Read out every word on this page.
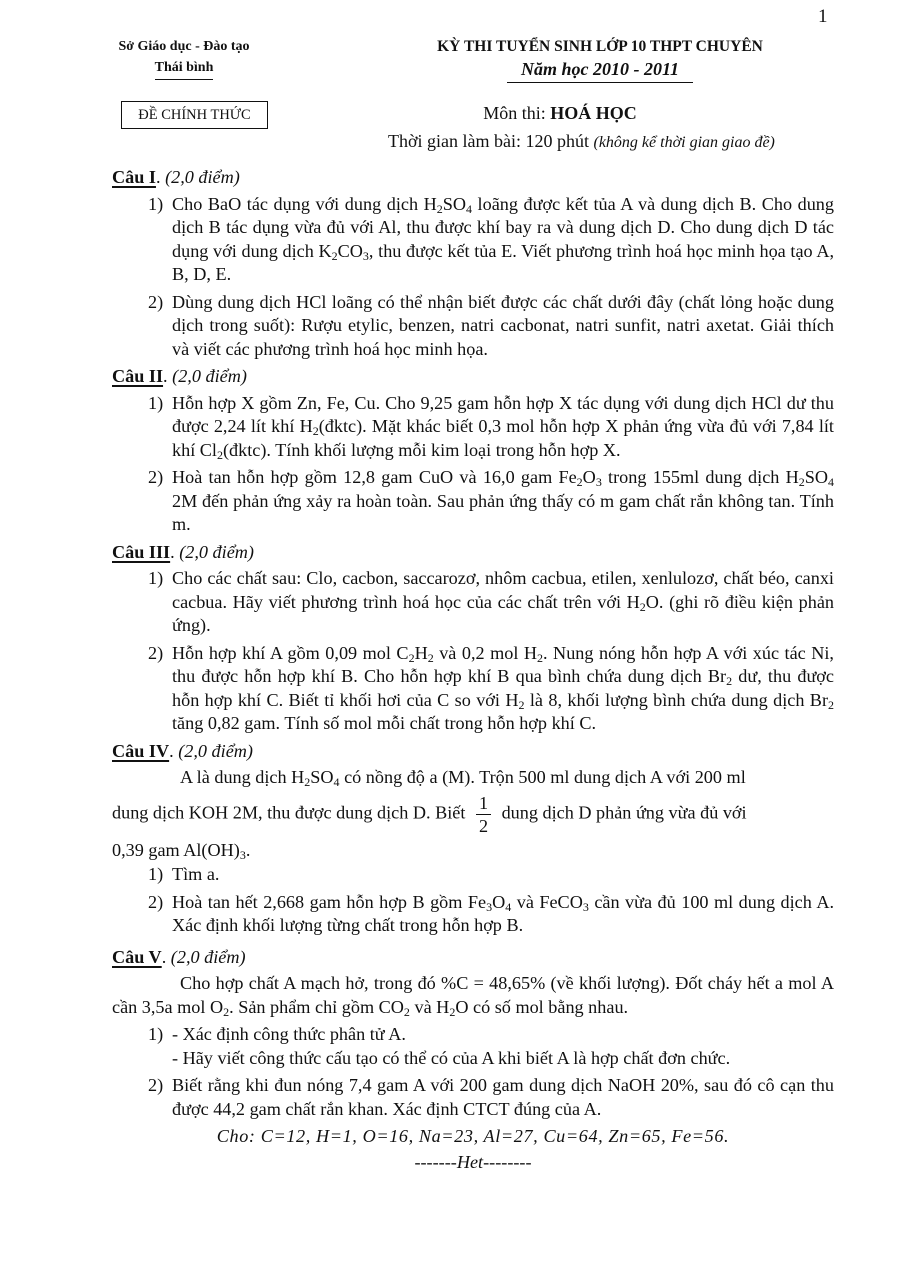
1
Sở Giáo dục - Đào tạo
Thái bình
KỲ THI TUYỂN SINH LỚP 10 THPT CHUYÊN
Năm học 2010 - 2011
ĐỀ CHÍNH THỨC	Môn thi: HOÁ HỌC
Thời gian làm bài: 120 phút (không kể thời gian giao đề)
Câu I. (2,0 điểm)
1) Cho BaO tác dụng với dung dịch $H_2SO_4$ loãng được kết tủa A và dung dịch B. Cho dung dịch B tác dụng vừa đủ với Al, thu được khí bay ra và dung dịch D. Cho dung dịch D tác dụng với dung dịch $K_2CO_3$, thu được kết tủa E. Viết phương trình hoá học minh họa tạo A, B, D, E.
2) Dùng dung dịch HCl loãng có thể nhận biết được các chất dưới đây (chất lỏng hoặc dung dịch trong suốt): Rượu etylic, benzen, natri cacbonat, natri sunfit, natri axetat. Giải thích và viết các phương trình hoá học minh họa.
Câu II. (2,0 điểm)
1) Hỗn hợp X gồm Zn, Fe, Cu. Cho 9,25 gam hỗn hợp X tác dụng với dung dịch HCl dư thu được 2,24 lít khí $H_2(đktc)$. Mặt khác biết 0,3 mol hỗn hợp X phản ứng vừa đủ với 7,84 lít khí $Cl_2(đktc)$. Tính khối lượng mỗi kim loại trong hỗn hợp X.
2) Hoà tan hỗn hợp gồm 12,8 gam CuO và 16,0 gam $Fe_2O_3$ trong 155ml dung dịch $H_2SO_4$ 2M đến phản ứng xảy ra hoàn toàn. Sau phản ứng thấy có m gam chất rắn không tan. Tính m.
Câu III. (2,0 điểm)
1) Cho các chất sau: Clo, cacbon, saccarozơ, nhôm cacbua, etilen, xenlulozơ, chất béo, canxi cacbua. Hãy viết phương trình hoá học của các chất trên với $H_2O$. (ghi rõ điều kiện phản ứng).
2) Hỗn hợp khí A gồm 0,09 mol $C_2H_2$ và 0,2 mol $H_2$. Nung nóng hỗn hợp A với xúc tác Ni, thu được hỗn hợp khí B. Cho hỗn hợp khí B qua bình chứa dung dịch $Br_2$ dư, thu được hỗn hợp khí C. Biết tỉ khối hơi của C so với $H_2$ là 8, khối lượng bình chứa dung dịch $Br_2$ tăng 0,82 gam. Tính số mol mỗi chất trong hỗn hợp khí C.
Câu IV. (2,0 điểm)
A là dung dịch $H_2SO_4$ có nồng độ a (M). Trộn 500 ml dung dịch A với 200 ml
dung dịch KOH 2M, thu được dung dịch D. Biết $\frac{1}{2}$ dung dịch D phản ứng vừa đủ với
0,39 gam $Al(OH)_3$.
1) Tìm a.
2) Hoà tan hết 2,668 gam hỗn hợp B gồm $Fe_3O_4$ và FeCO$_3$ cần vừa đủ 100 ml dung dịch A. Xác định khối lượng từng chất trong hỗn hợp B.
Câu V. (2,0 điểm)
Cho hợp chất A mạch hở, trong đó %C = 48,65% (về khối lượng). Đốt cháy hết a mol A cần 3,5a mol $O_2$. Sản phẩm chỉ gồm $CO_2$ và $H_2O$ có số mol bằng nhau.
1) - Xác định công thức phân tử A.
- Hãy viết công thức cấu tạo có thể có của A khi biết A là hợp chất đơn chức.
2) Biết rằng khi đun nóng 7,4 gam A với 200 gam dung dịch NaOH 20%, sau đó cô cạn thu được 44,2 gam chất rắn khan. Xác định CTCT đúng của A.
Cho: C=12, H=1, O=16, Na=23, Al=27, Cu=64, Zn=65, Fe=56.
-------Het--------
